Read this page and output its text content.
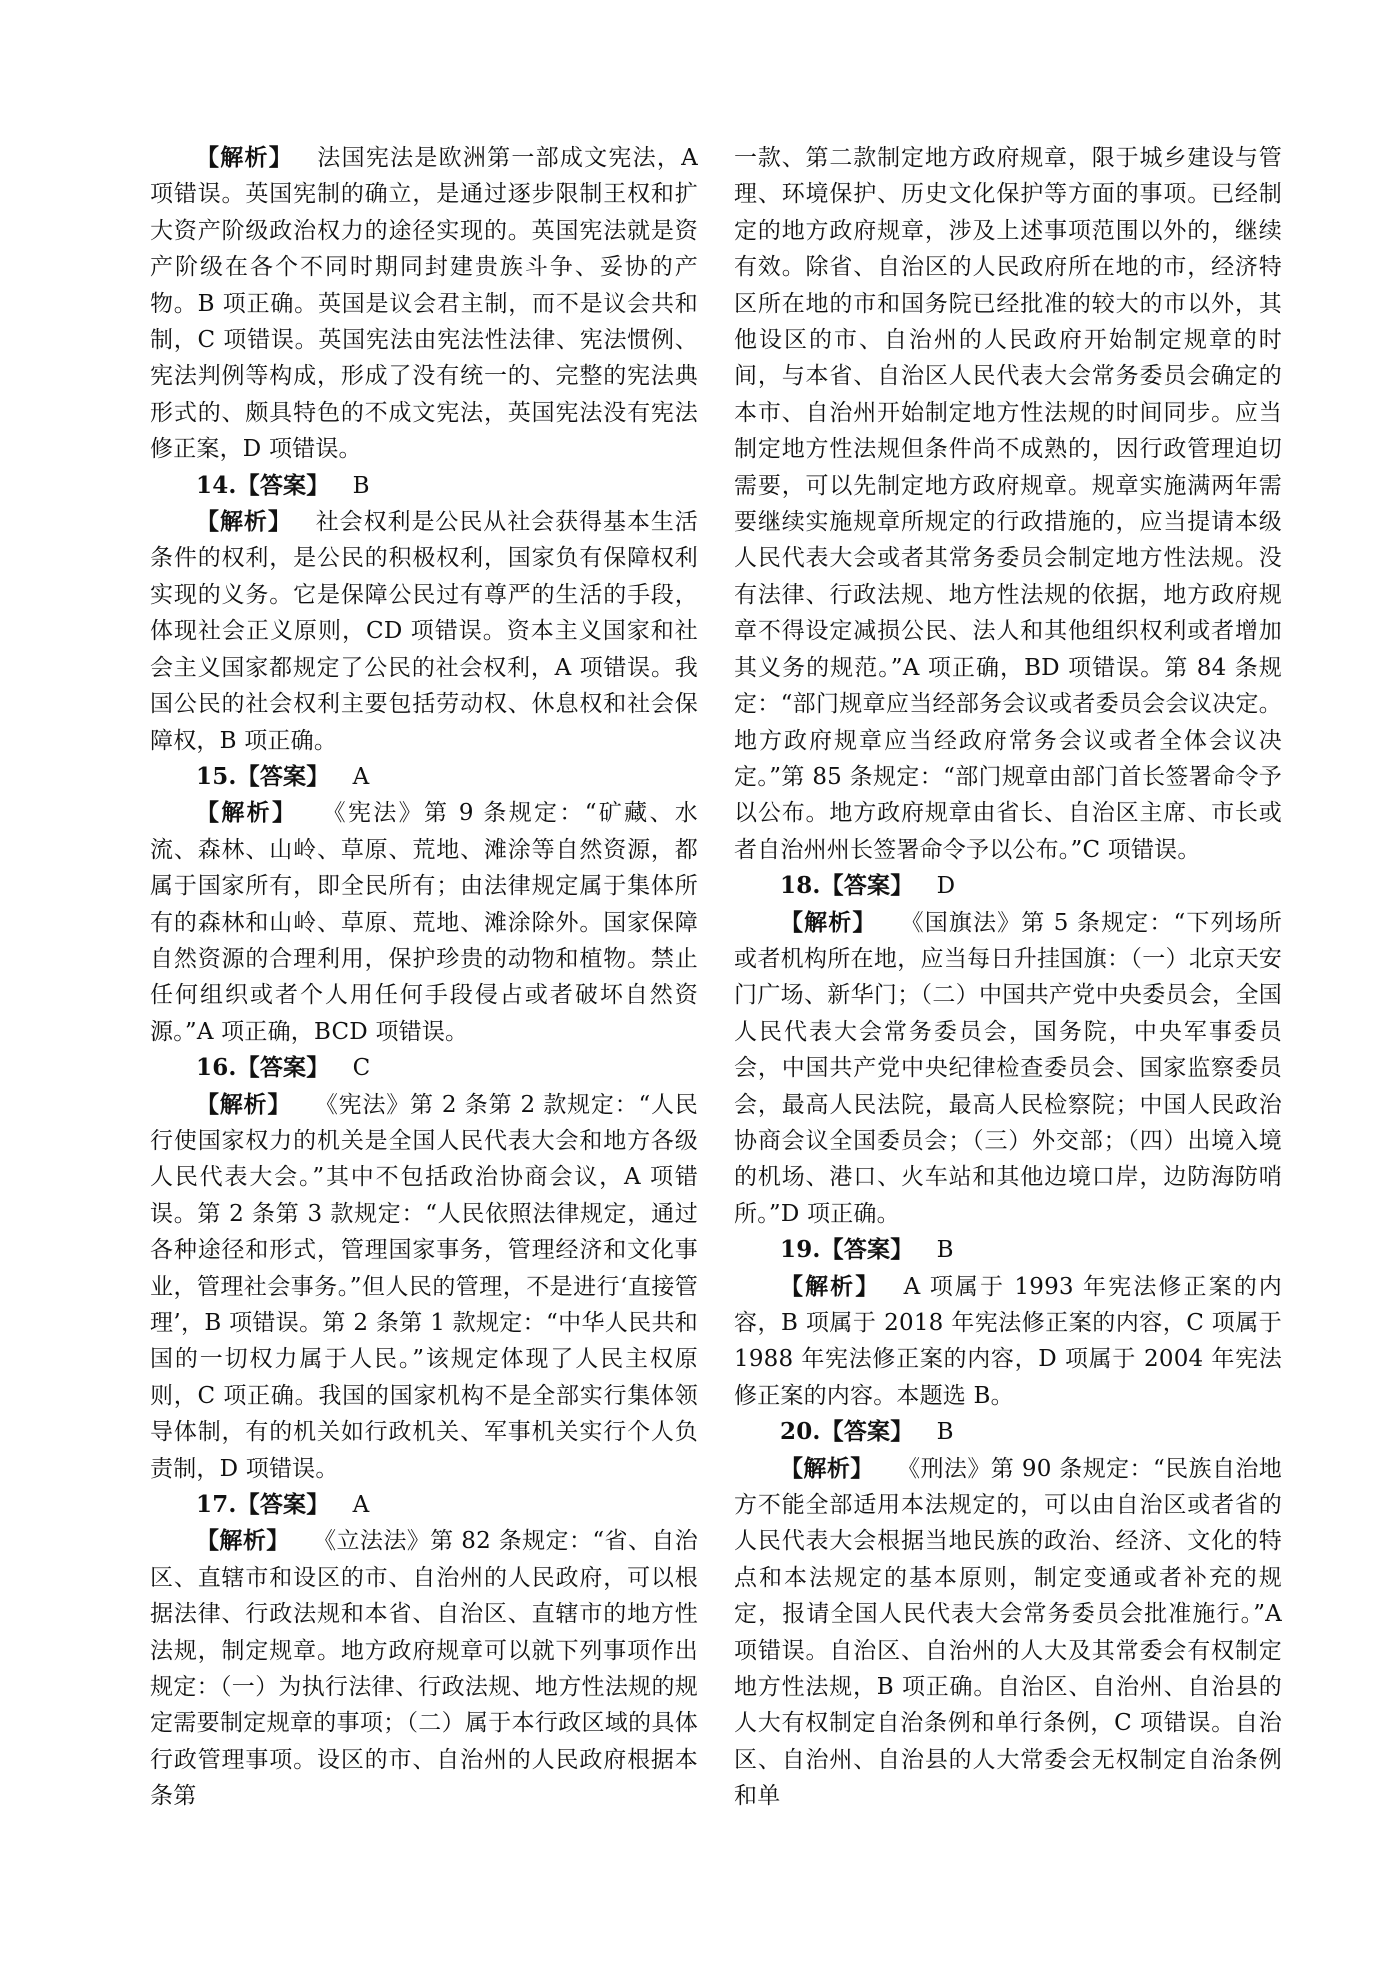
【解析】  法国宪法是欧洲第一部成文宪法，A 项错误。英国宪制的确立，是通过逐步限制王权和扩大资产阶级政治权力的途径实现的。英国宪法就是资产阶级在各个不同时期同封建贵族斗争、妥协的产物。B 项正确。英国是议会君主制，而不是议会共和制，C 项错误。英国宪法由宪法性法律、宪法惯例、宪法判例等构成，形成了没有统一的、完整的宪法典形式的、颇具特色的不成文宪法，英国宪法没有宪法修正案，D 项错误。

14.【答案】  B

【解析】  社会权利是公民从社会获得基本生活条件的权利，是公民的积极权利，国家负有保障权利实现的义务。它是保障公民过有尊严的生活的手段，体现社会正义原则，CD 项错误。资本主义国家和社会主义国家都规定了公民的社会权利，A 项错误。我国公民的社会权利主要包括劳动权、休息权和社会保障权，B 项正确。

15.【答案】  A

【解析】  《宪法》第 9 条规定：“矿藏、水流、森林、山岭、草原、荒地、滩涂等自然资源，都属于国家所有，即全民所有；由法律规定属于集体所有的森林和山岭、草原、荒地、滩涂除外。国家保障自然资源的合理利用，保护珍贵的动物和植物。禁止任何组织或者个人用任何手段侵占或者破坏自然资源。”A 项正确，BCD 项错误。

16.【答案】  C

【解析】  《宪法》第 2 条第 2 款规定：“人民行使国家权力的机关是全国人民代表大会和地方各级人民代表大会。”其中不包括政治协商会议，A 项错误。第 2 条第 3 款规定：“人民依照法律规定，通过各种途径和形式，管理国家事务，管理经济和文化事业，管理社会事务。”但人民的管理，不是进行‘直接管理’，B 项错误。第 2 条第 1 款规定：“中华人民共和国的一切权力属于人民。”该规定体现了人民主权原则，C 项正确。我国的国家机构不是全部实行集体领导体制，有的机关如行政机关、军事机关实行个人负责制，D 项错误。

17.【答案】  A

【解析】  《立法法》第 82 条规定：“省、自治区、直辖市和设区的市、自治州的人民政府，可以根据法律、行政法规和本省、自治区、直辖市的地方性法规，制定规章。地方政府规章可以就下列事项作出规定：（一）为执行法律、行政法规、地方性法规的规定需要制定规章的事项；（二）属于本行政区域的具体行政管理事项。设区的市、自治州的人民政府根据本条第

一款、第二款制定地方政府规章，限于城乡建设与管理、环境保护、历史文化保护等方面的事项。已经制定的地方政府规章，涉及上述事项范围以外的，继续有效。除省、自治区的人民政府所在地的市，经济特区所在地的市和国务院已经批准的较大的市以外，其他设区的市、自治州的人民政府开始制定规章的时间，与本省、自治区人民代表大会常务委员会确定的本市、自治州开始制定地方性法规的时间同步。应当制定地方性法规但条件尚不成熟的，因行政管理迫切需要，可以先制定地方政府规章。规章实施满两年需要继续实施规章所规定的行政措施的，应当提请本级人民代表大会或者其常务委员会制定地方性法规。没有法律、行政法规、地方性法规的依据，地方政府规章不得设定减损公民、法人和其他组织权利或者增加其义务的规范。”A 项正确，BD 项错误。第 84 条规定：“部门规章应当经部务会议或者委员会会议决定。地方政府规章应当经政府常务会议或者全体会议决定。”第 85 条规定：“部门规章由部门首长签署命令予以公布。地方政府规章由省长、自治区主席、市长或者自治州州长签署命令予以公布。”C 项错误。

18.【答案】  D

【解析】  《国旗法》第 5 条规定：“下列场所或者机构所在地，应当每日升挂国旗：（一）北京天安门广场、新华门；（二）中国共产党中央委员会，全国人民代表大会常务委员会，国务院，中央军事委员会，中国共产党中央纪律检查委员会、国家监察委员会，最高人民法院，最高人民检察院；中国人民政治协商会议全国委员会；（三）外交部；（四）出境入境的机场、港口、火车站和其他边境口岸，边防海防哨所。”D 项正确。

19.【答案】  B

【解析】  A 项属于 1993 年宪法修正案的内容，B 项属于 2018 年宪法修正案的内容，C 项属于 1988 年宪法修正案的内容，D 项属于 2004 年宪法修正案的内容。本题选 B。

20.【答案】  B

【解析】  《刑法》第 90 条规定：“民族自治地方不能全部适用本法规定的，可以由自治区或者省的人民代表大会根据当地民族的政治、经济、文化的特点和本法规定的基本原则，制定变通或者补充的规定，报请全国人民代表大会常务委员会批准施行。”A 项错误。自治区、自治州的人大及其常委会有权制定地方性法规，B 项正确。自治区、自治州、自治县的人大有权制定自治条例和单行条例，C 项错误。自治区、自治州、自治县的人大常委会无权制定自治条例和单
